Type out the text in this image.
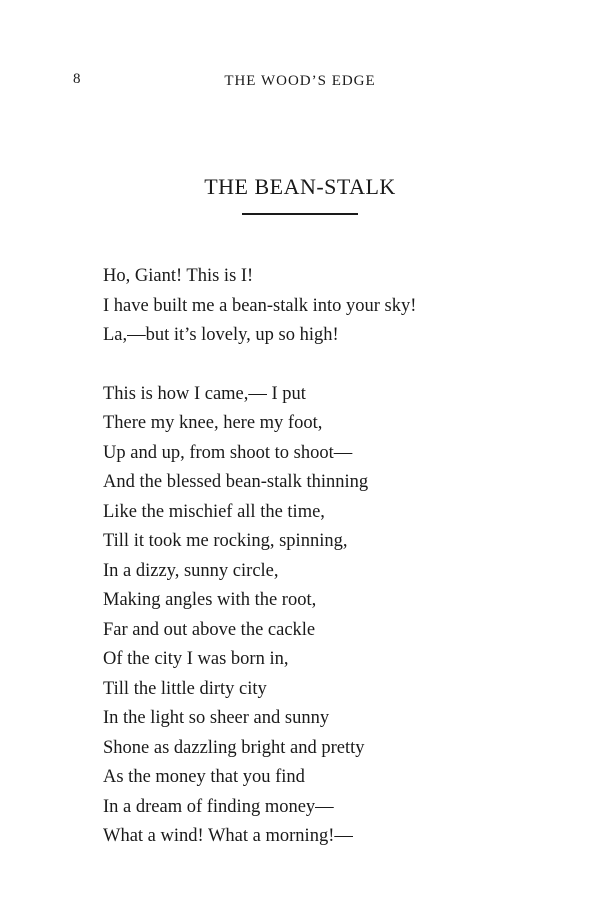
8	THE WOOD’S EDGE
THE BEAN-STALK
Ho, Giant! This is I!
I have built me a bean-stalk into your sky!
La,—but it’s lovely, up so high!
This is how I came,— I put
There my knee, here my foot,
Up and up, from shoot to shoot—
And the blessed bean-stalk thinning
Like the mischief all the time,
Till it took me rocking, spinning,
In a dizzy, sunny circle,
Making angles with the root,
Far and out above the cackle
Of the city I was born in,
Till the little dirty city
In the light so sheer and sunny
Shone as dazzling bright and pretty
As the money that you find
In a dream of finding money—
What a wind! What a morning!—
